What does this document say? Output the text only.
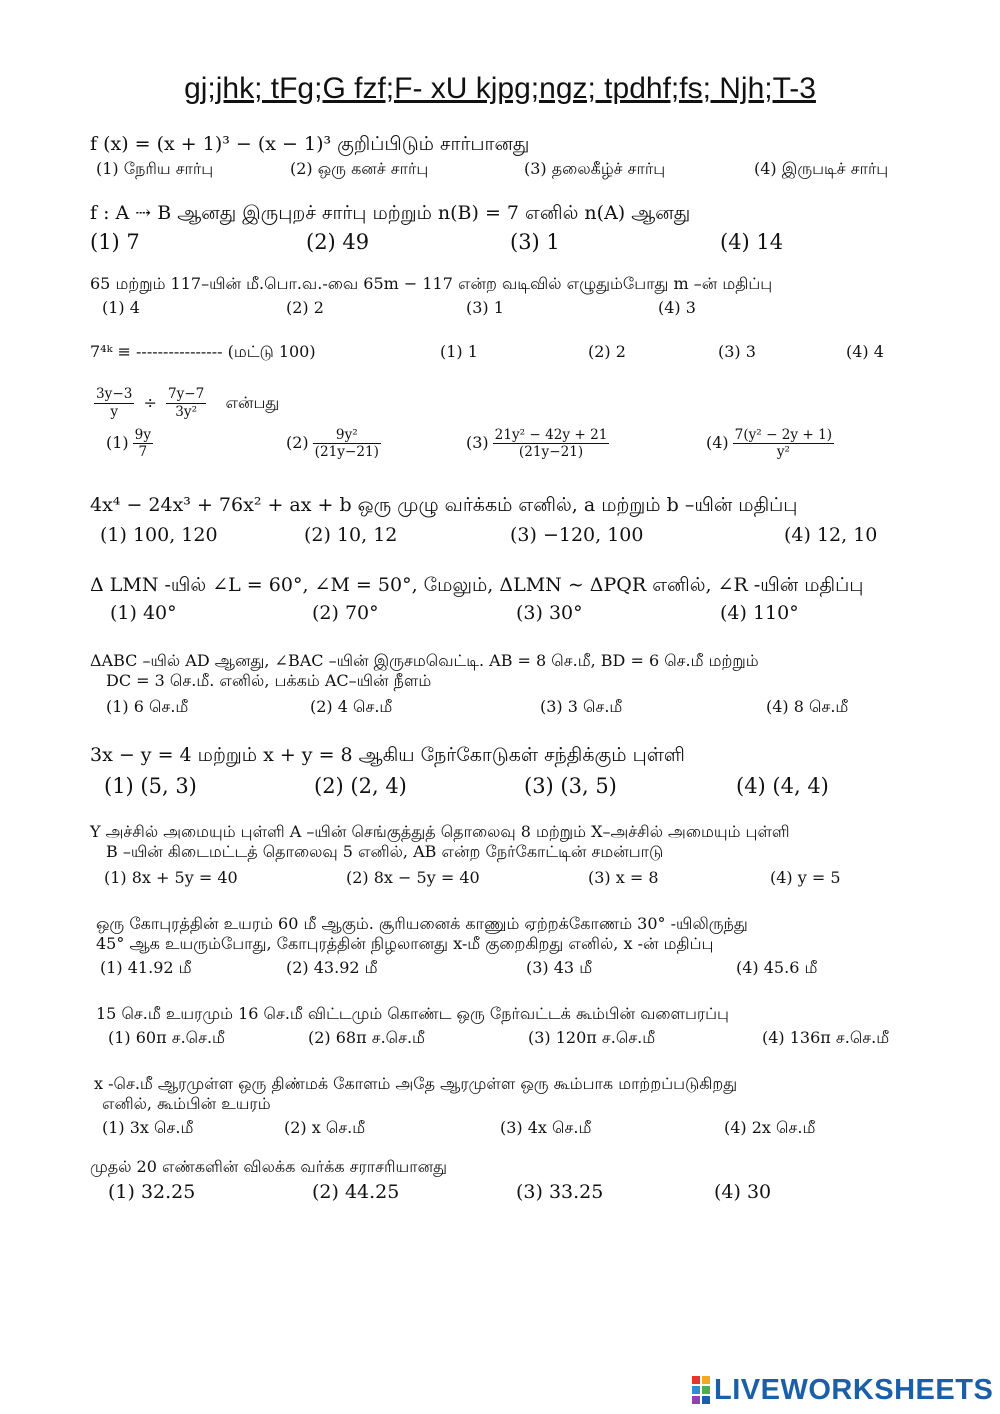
gj;jhk; tFg;G fzf;F- xU kjpg;ngz; tpdhf;fs; Njh;T-3
f (x) = (x + 1)³ − (x − 1)³ குறிப்பிடும் சார்பானது
(1) நேரிய சார்பு	(2) ஒரு கனச் சார்பு	(3) தலைகீழ்ச் சார்பு	(4) இருபடிச் சார்பு
f : A ⇢ B ஆனது இருபுறச் சார்பு மற்றும் n(B) = 7 எனில் n(A) ஆனது
(1) 7	(2) 49	(3) 1	(4) 14
65 மற்றும் 117–யின் மீ.பொ.வ.-வை 65m − 117 என்ற வடிவில் எழுதும்போது m –ன் மதிப்பு
(1) 4	(2) 2	(3) 1	(4) 3
7⁴ᵏ ≡ ---------------- (மட்டு 100)	(1) 1	(2) 2	(3) 3	(4) 4
$\frac{3y-3}{y} \div \frac{7y-7}{\text{3y²}}$ என்பது
$(1) \frac{9y}{7}$	$(2) \frac{\text{9y²}}{(21y-21)}$	$(3) \frac{\text{21y² − 42y + 21}}{(21y-21)}$	$(4) \frac{\text{7(y² − 2y + 1)}}{\text{y²}}$
4x⁴ − 24x³ + 76x² + ax + b ஒரு முழு வர்க்கம் எனில், a மற்றும் b –யின் மதிப்பு
(1) 100, 120	(2) 10, 12	(3) −120, 100	(4) 12, 10
Δ LMN -யில் ∠L = 60°, ∠M = 50°, மேலும், ΔLMN ∼ ΔPQR எனில், ∠R -யின் மதிப்பு
(1) 40°	(2) 70°	(3) 30°	(4) 110°
ΔABC –யில் AD ஆனது, ∠BAC –யின் இருசமவெட்டி. AB = 8 செ.மீ, BD = 6 செ.மீ மற்றும்
DC = 3 செ.மீ. எனில், பக்கம் AC–யின் நீளம்
(1) 6 செ.மீ	(2) 4 செ.மீ	(3) 3 செ.மீ	(4) 8 செ.மீ
3x − y = 4 மற்றும் x + y = 8 ஆகிய நேர்கோடுகள் சந்திக்கும் புள்ளி
(1) (5, 3)	(2) (2, 4)	(3) (3, 5)	(4) (4, 4)
Y அச்சில் அமையும் புள்ளி A –யின் செங்குத்துத் தொலைவு 8 மற்றும் X–அச்சில் அமையும் புள்ளி
B –யின் கிடைமட்டத் தொலைவு 5 எனில், AB என்ற நேர்கோட்டின் சமன்பாடு
(1) 8x + 5y = 40	(2) 8x − 5y = 40	(3) x = 8	(4) y = 5
ஒரு கோபுரத்தின் உயரம் 60 மீ ஆகும். சூரியனைக் காணும் ஏற்றக்கோணம் 30° -யிலிருந்து
45° ஆக உயரும்போது, கோபுரத்தின் நிழலானது x-மீ குறைகிறது எனில், x -ன் மதிப்பு
(1) 41.92 மீ	(2) 43.92 மீ	(3) 43 மீ	(4) 45.6 மீ
15 செ.மீ உயரமும் 16 செ.மீ விட்டமும் கொண்ட ஒரு நேர்வட்டக் கூம்பின் வளைபரப்பு
(1) 60π ச.செ.மீ	(2) 68π ச.செ.மீ	(3) 120π ச.செ.மீ	(4) 136π ச.செ.மீ
x -செ.மீ ஆரமுள்ள ஒரு திண்மக் கோளம் அதே ஆரமுள்ள ஒரு கூம்பாக மாற்றப்படுகிறது
எனில், கூம்பின் உயரம்
(1) 3x செ.மீ	(2) x செ.மீ	(3) 4x செ.மீ	(4) 2x செ.மீ
முதல் 20 எண்களின் விலக்க வர்க்க சராசரியானது
(1) 32.25	(2) 44.25	(3) 33.25	(4) 30
LIVEWORKSHEETS
